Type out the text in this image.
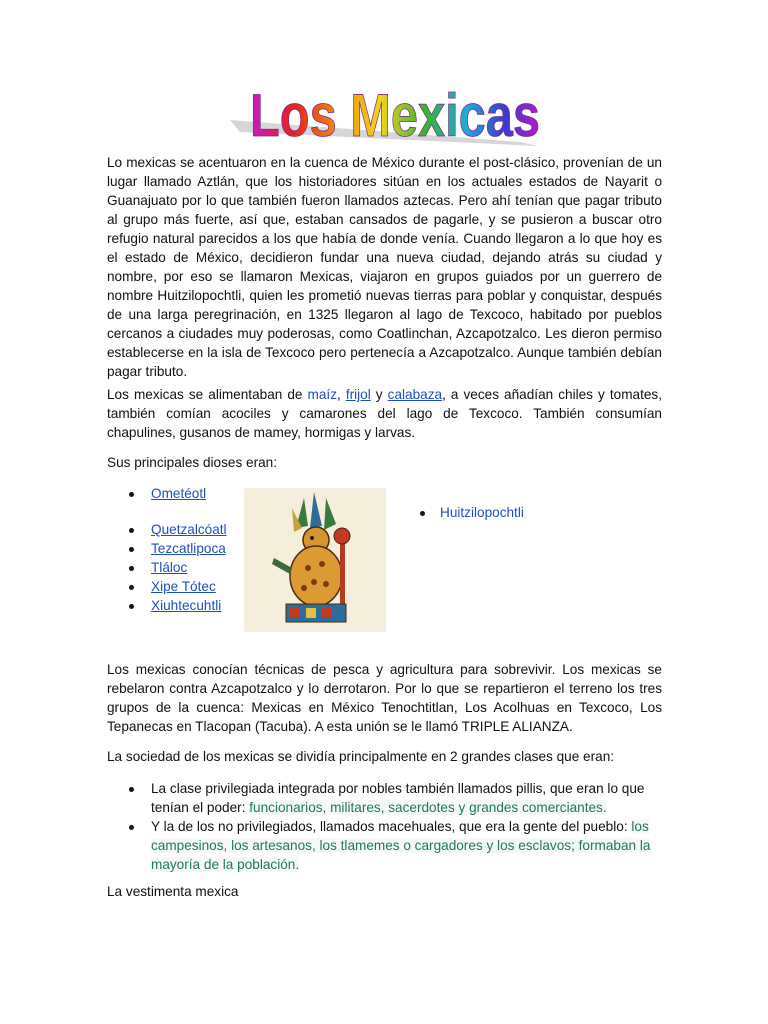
Los Mexicas

Lo mexicas se acentuaron en la cuenca de México durante el post-clásico, provenían de un lugar llamado Aztlán, que los historiadores sitúan en los actuales estados de Nayarit o Guanajuato por lo que también fueron llamados aztecas. Pero ahí tenían que pagar tributo al grupo más fuerte, así que, estaban cansados de pagarle, y se pusieron a buscar otro refugio natural parecidos a los que había de donde venía. Cuando llegaron a lo que hoy es el estado de México, decidieron fundar una nueva ciudad, dejando atrás su ciudad y nombre, por eso se llamaron Mexicas, viajaron en grupos guiados por un guerrero de nombre Huitzilopochtli, quien les prometió nuevas tierras para poblar y conquistar, después de una larga peregrinación, en 1325 llegaron al lago de Texcoco, habitado por pueblos cercanos a ciudades muy poderosas, como Coatlinchan, Azcapotzalco. Les dieron permiso establecerse en la isla de Texcoco pero pertenecía a Azcapotzalco. Aunque también debían pagar tributo.

Los mexicas se alimentaban de maíz, frijol y calabaza, a veces añadían chiles y tomates, también comían acociles y camarones del lago de Texcoco. También consumían chapulines, gusanos de mamey, hormigas y larvas.

Sus principales dioses eran:

Ometéotl
Quetzalcóatl
Tezcatlipoca
Tláloc
Xipe Tótec
Xiuhtecuhtli
Huitzilopochtli

Los mexicas conocían técnicas de pesca y agricultura para sobrevivir. Los mexicas se rebelaron contra Azcapotzalco y lo derrotaron. Por lo que se repartieron el terreno los tres grupos de la cuenca: Mexicas en México Tenochtitlan, Los Acolhuas en Texcoco, Los Tepanecas en Tlacopan (Tacuba). A esta unión se le llamó TRIPLE ALIANZA.

La sociedad de los mexicas se dividía principalmente en 2 grandes clases que eran:

La clase privilegiada integrada por nobles también llamados pillis, que eran lo que tenían el poder: funcionarios, militares, sacerdotes y grandes comerciantes.
Y la de los no privilegiados, llamados macehuales, que era la gente del pueblo: los campesinos, los artesanos, los tlamemes o cargadores y los esclavos; formaban la mayoría de la población.

La vestimenta mexica
